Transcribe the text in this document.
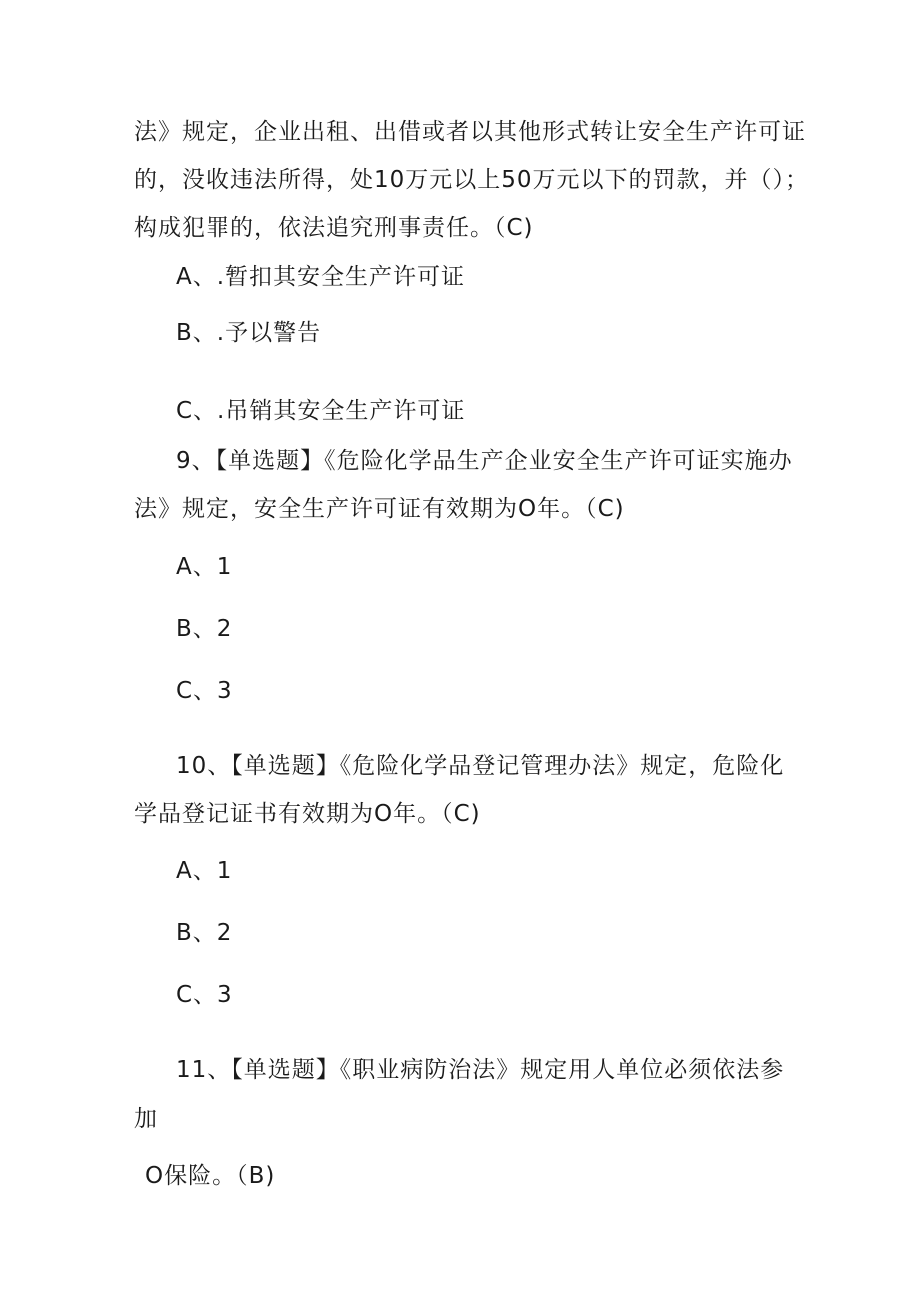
法》规定，企业出租、出借或者以其他形式转让安全生产许可证
的，没收违法所得，处10万元以上50万元以下的罚款，并（）；
构成犯罪的，依法追究刑事责任。（C)
A、.暂扣其安全生产许可证
B、.予以警告
C、.吊销其安全生产许可证
9、【单选题】《危险化学品生产企业安全生产许可证实施办
法》规定，安全生产许可证有效期为O年。（C)
A、1
B、2
C、3
10、【单选题】《危险化学品登记管理办法》规定，危险化
学品登记证书有效期为O年。（C)
A、1
B、2
C、3
11、【单选题】《职业病防治法》规定用人单位必须依法参
加
O保险。（B)
